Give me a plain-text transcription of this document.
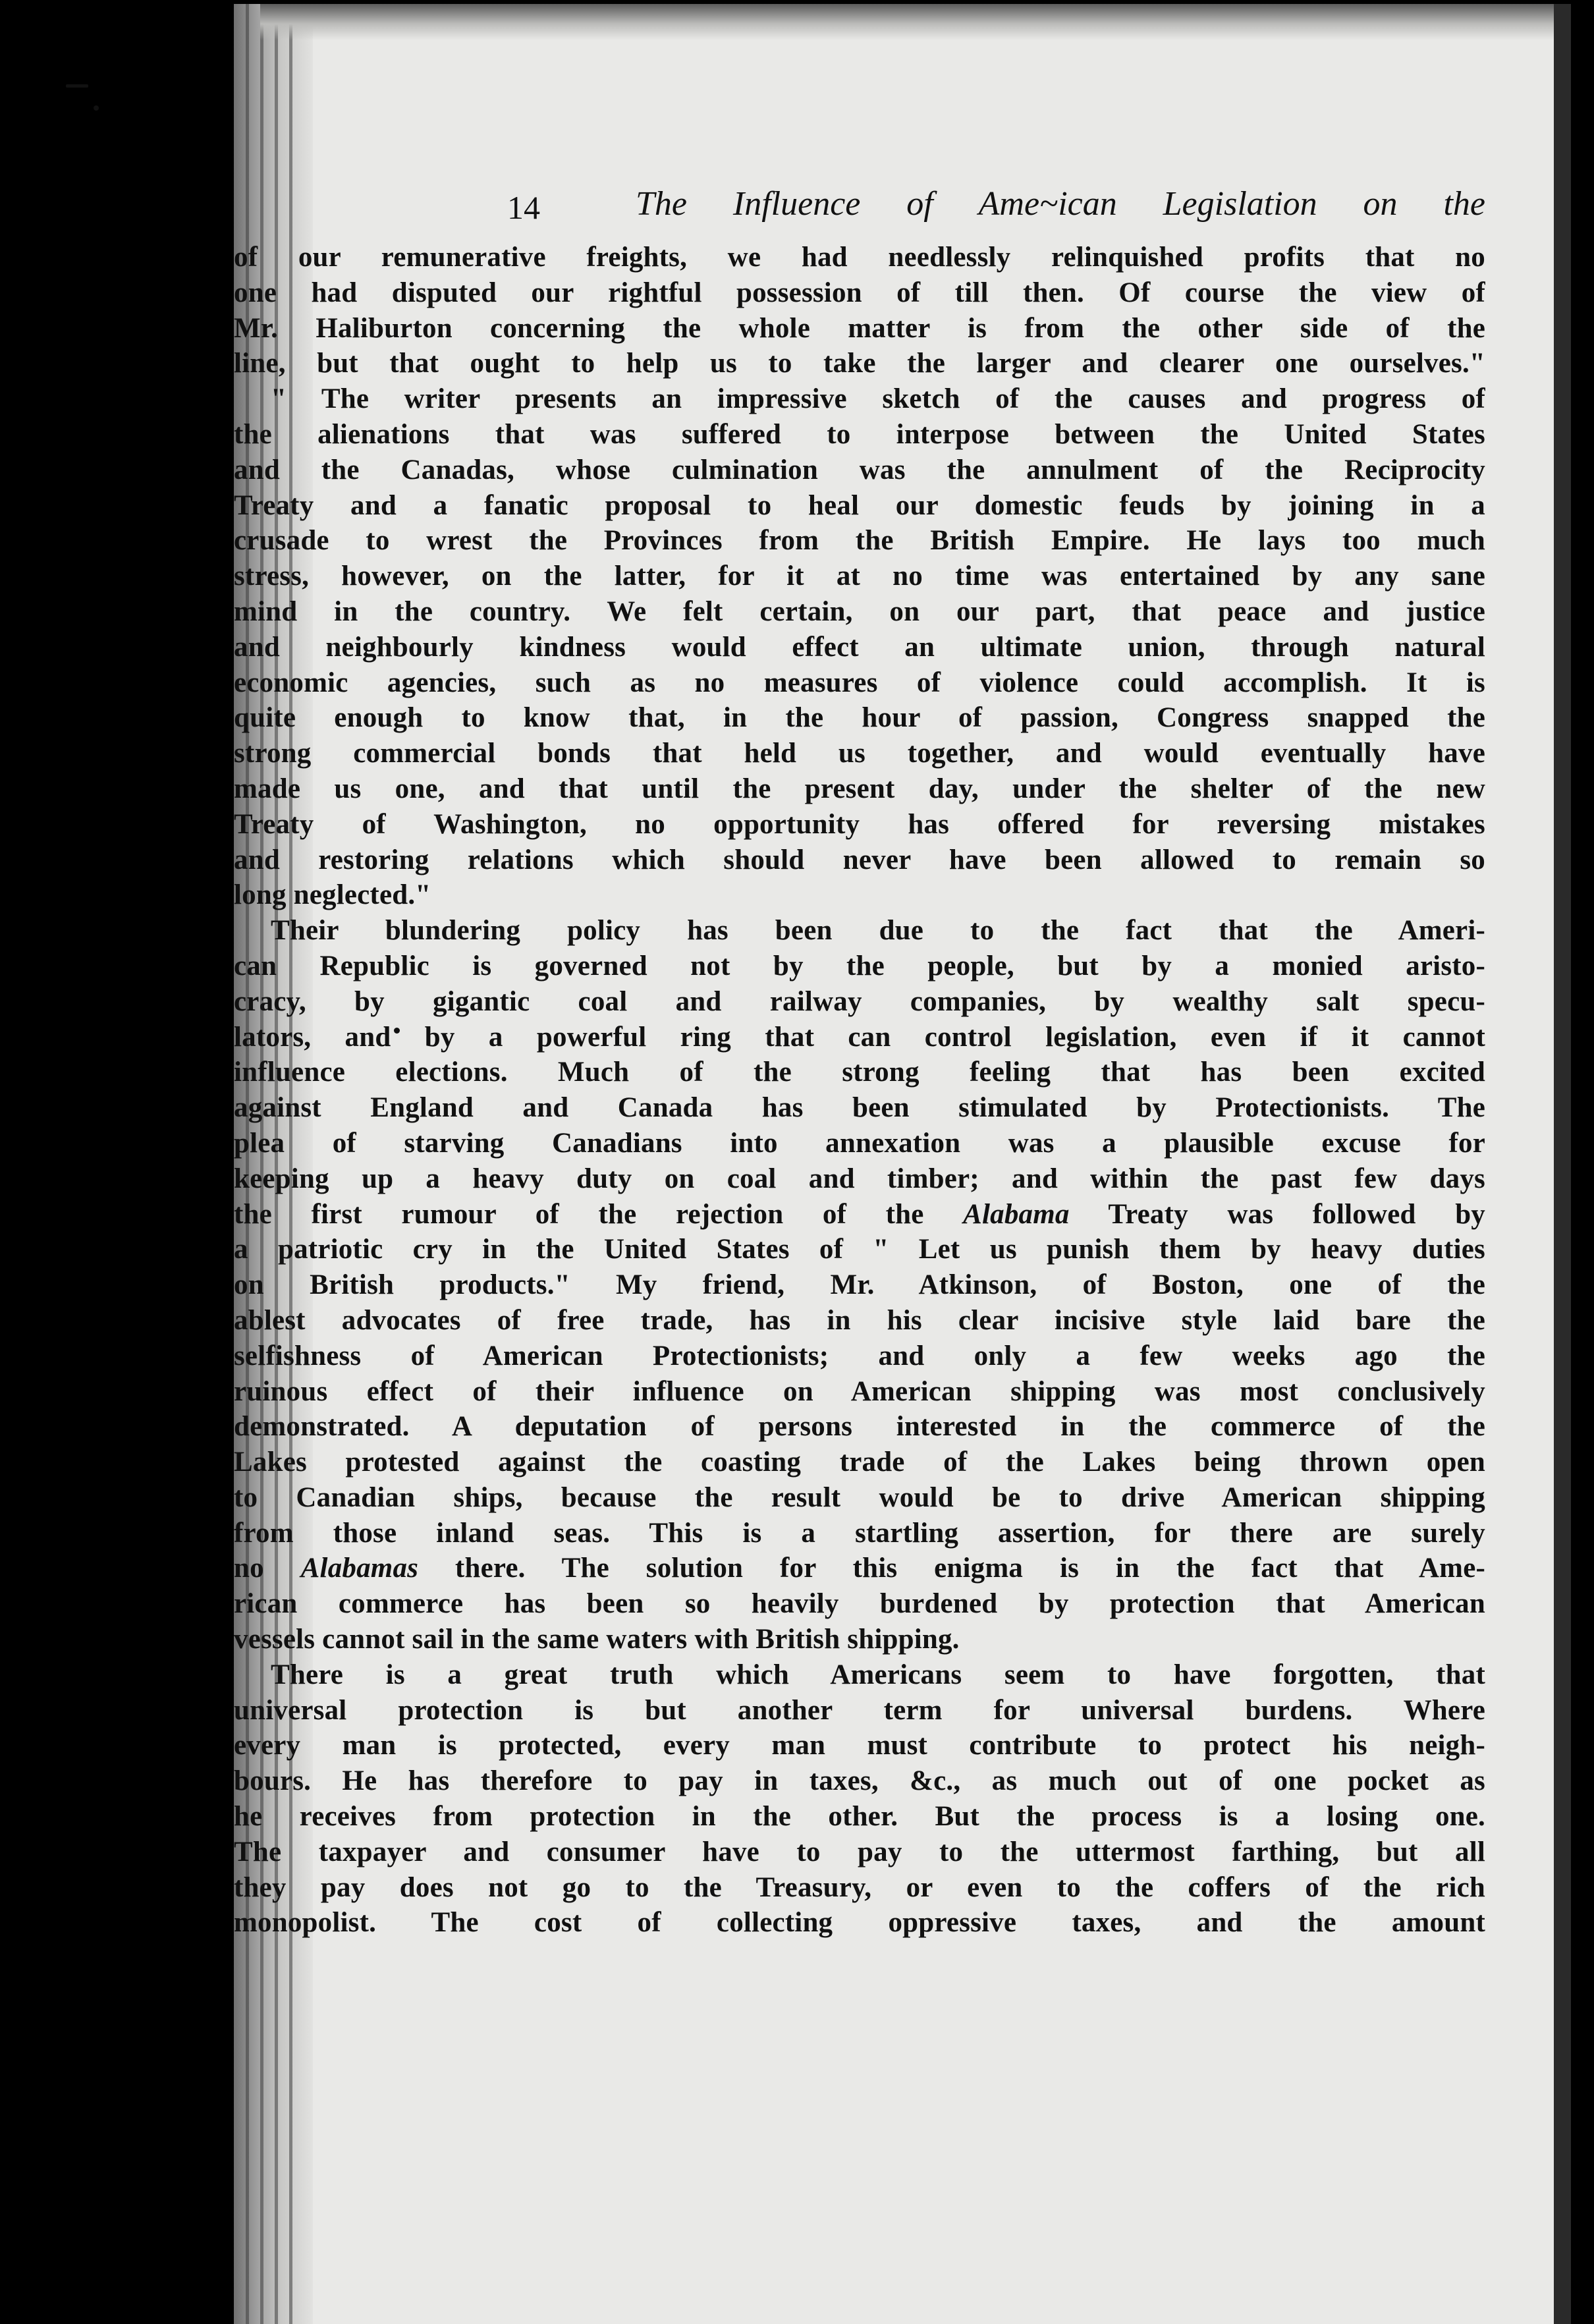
14	The Influence of Ame~ican Legislation on the
of our remunerative freights, we had needlessly relinquished profits that no
one had disputed our rightful possession of till then. Of course the view of
Mr. Haliburton concerning the whole matter is from the other side of the
line, but that ought to help us to take the larger and clearer one ourselves."
" The writer presents an impressive sketch of the causes and progress of
the alienations that was suffered to interpose between the United States
and the Canadas, whose culmination was the annulment of the Reciprocity
Treaty and a fanatic proposal to heal our domestic feuds by joining in a
crusade to wrest the Provinces from the British Empire. He lays too much
stress, however, on the latter, for it at no time was entertained by any sane
mind in the country. We felt certain, on our part, that peace and justice
and neighbourly kindness would effect an ultimate union, through natural
economic agencies, such as no measures of violence could accomplish. It is
quite enough to know that, in the hour of passion, Congress snapped the
strong commercial bonds that held us together, and would eventually have
made us one, and that until the present day, under the shelter of the new
Treaty of Washington, no opportunity has offered for reversing mistakes
and restoring relations which should never have been allowed to remain so
long neglected."
Their blundering policy has been due to the fact that the Ameri-
can Republic is governed not by the people, but by a monied aristo-
cracy, by gigantic coal and railway companies, by wealthy salt specu-
lators, and by a powerful ring that can control legislation, even if it cannot
influence elections. Much of the strong feeling that has been excited
against England and Canada has been stimulated by Protectionists. The
plea of starving Canadians into annexation was a plausible excuse for
keeping up a heavy duty on coal and timber; and within the past few days
the first rumour of the rejection of the Alabama Treaty was followed by
a patriotic cry in the United States of " Let us punish them by heavy duties
on British products." My friend, Mr. Atkinson, of Boston, one of the
ablest advocates of free trade, has in his clear incisive style laid bare the
selfishness of American Protectionists; and only a few weeks ago the
ruinous effect of their influence on American shipping was most conclusively
demonstrated. A deputation of persons interested in the commerce of the
Lakes protested against the coasting trade of the Lakes being thrown open
to Canadian ships, because the result would be to drive American shipping
from those inland seas. This is a startling assertion, for there are surely
no Alabamas there. The solution for this enigma is in the fact that Ame-
rican commerce has been so heavily burdened by protection that American
vessels cannot sail in the same waters with British shipping.
There is a great truth which Americans seem to have forgotten, that
universal protection is but another term for universal burdens. Where
every man is protected, every man must contribute to protect his neigh-
bours. He has therefore to pay in taxes, &c., as much out of one pocket as
he receives from protection in the other. But the process is a losing one.
The taxpayer and consumer have to pay to the uttermost farthing, but all
they pay does not go to the Treasury, or even to the coffers of the rich
monopolist. The cost of collecting oppressive taxes, and the amount
